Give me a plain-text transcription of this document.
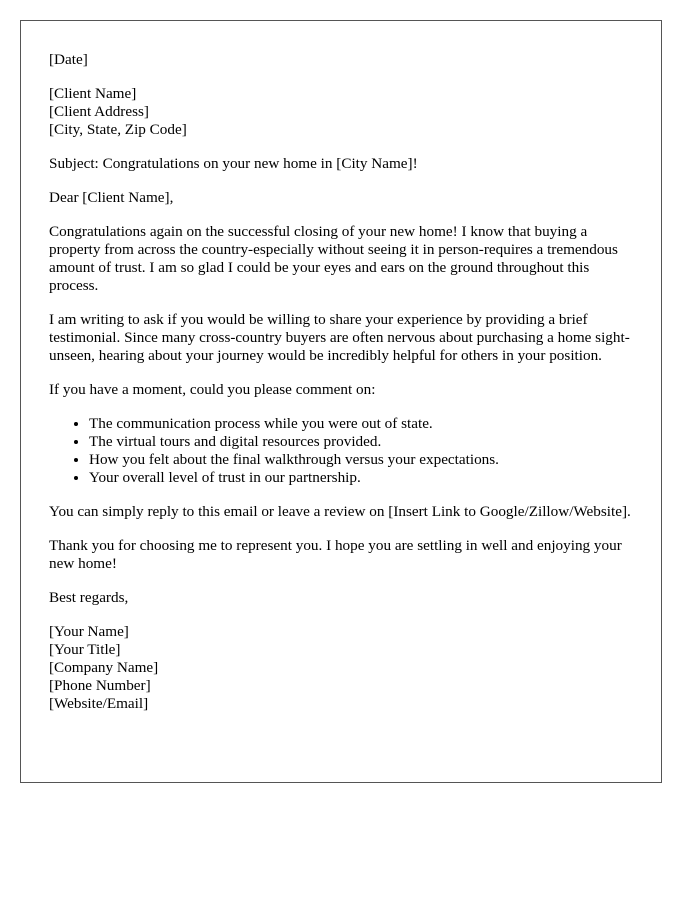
[Date]

[Client Name]
[Client Address]
[City, State, Zip Code]

Subject: Congratulations on your new home in [City Name]!

Dear [Client Name],

Congratulations again on the successful closing of your new home! I know that buying a property from across the country-especially without seeing it in person-requires a tremendous amount of trust. I am so glad I could be your eyes and ears on the ground throughout this process.

I am writing to ask if you would be willing to share your experience by providing a brief testimonial. Since many cross-country buyers are often nervous about purchasing a home sight-unseen, hearing about your journey would be incredibly helpful for others in your position.

If you have a moment, could you please comment on:

• The communication process while you were out of state.
• The virtual tours and digital resources provided.
• How you felt about the final walkthrough versus your expectations.
• Your overall level of trust in our partnership.

You can simply reply to this email or leave a review on [Insert Link to Google/Zillow/Website].

Thank you for choosing me to represent you. I hope you are settling in well and enjoying your new home!

Best regards,

[Your Name]
[Your Title]
[Company Name]
[Phone Number]
[Website/Email]
